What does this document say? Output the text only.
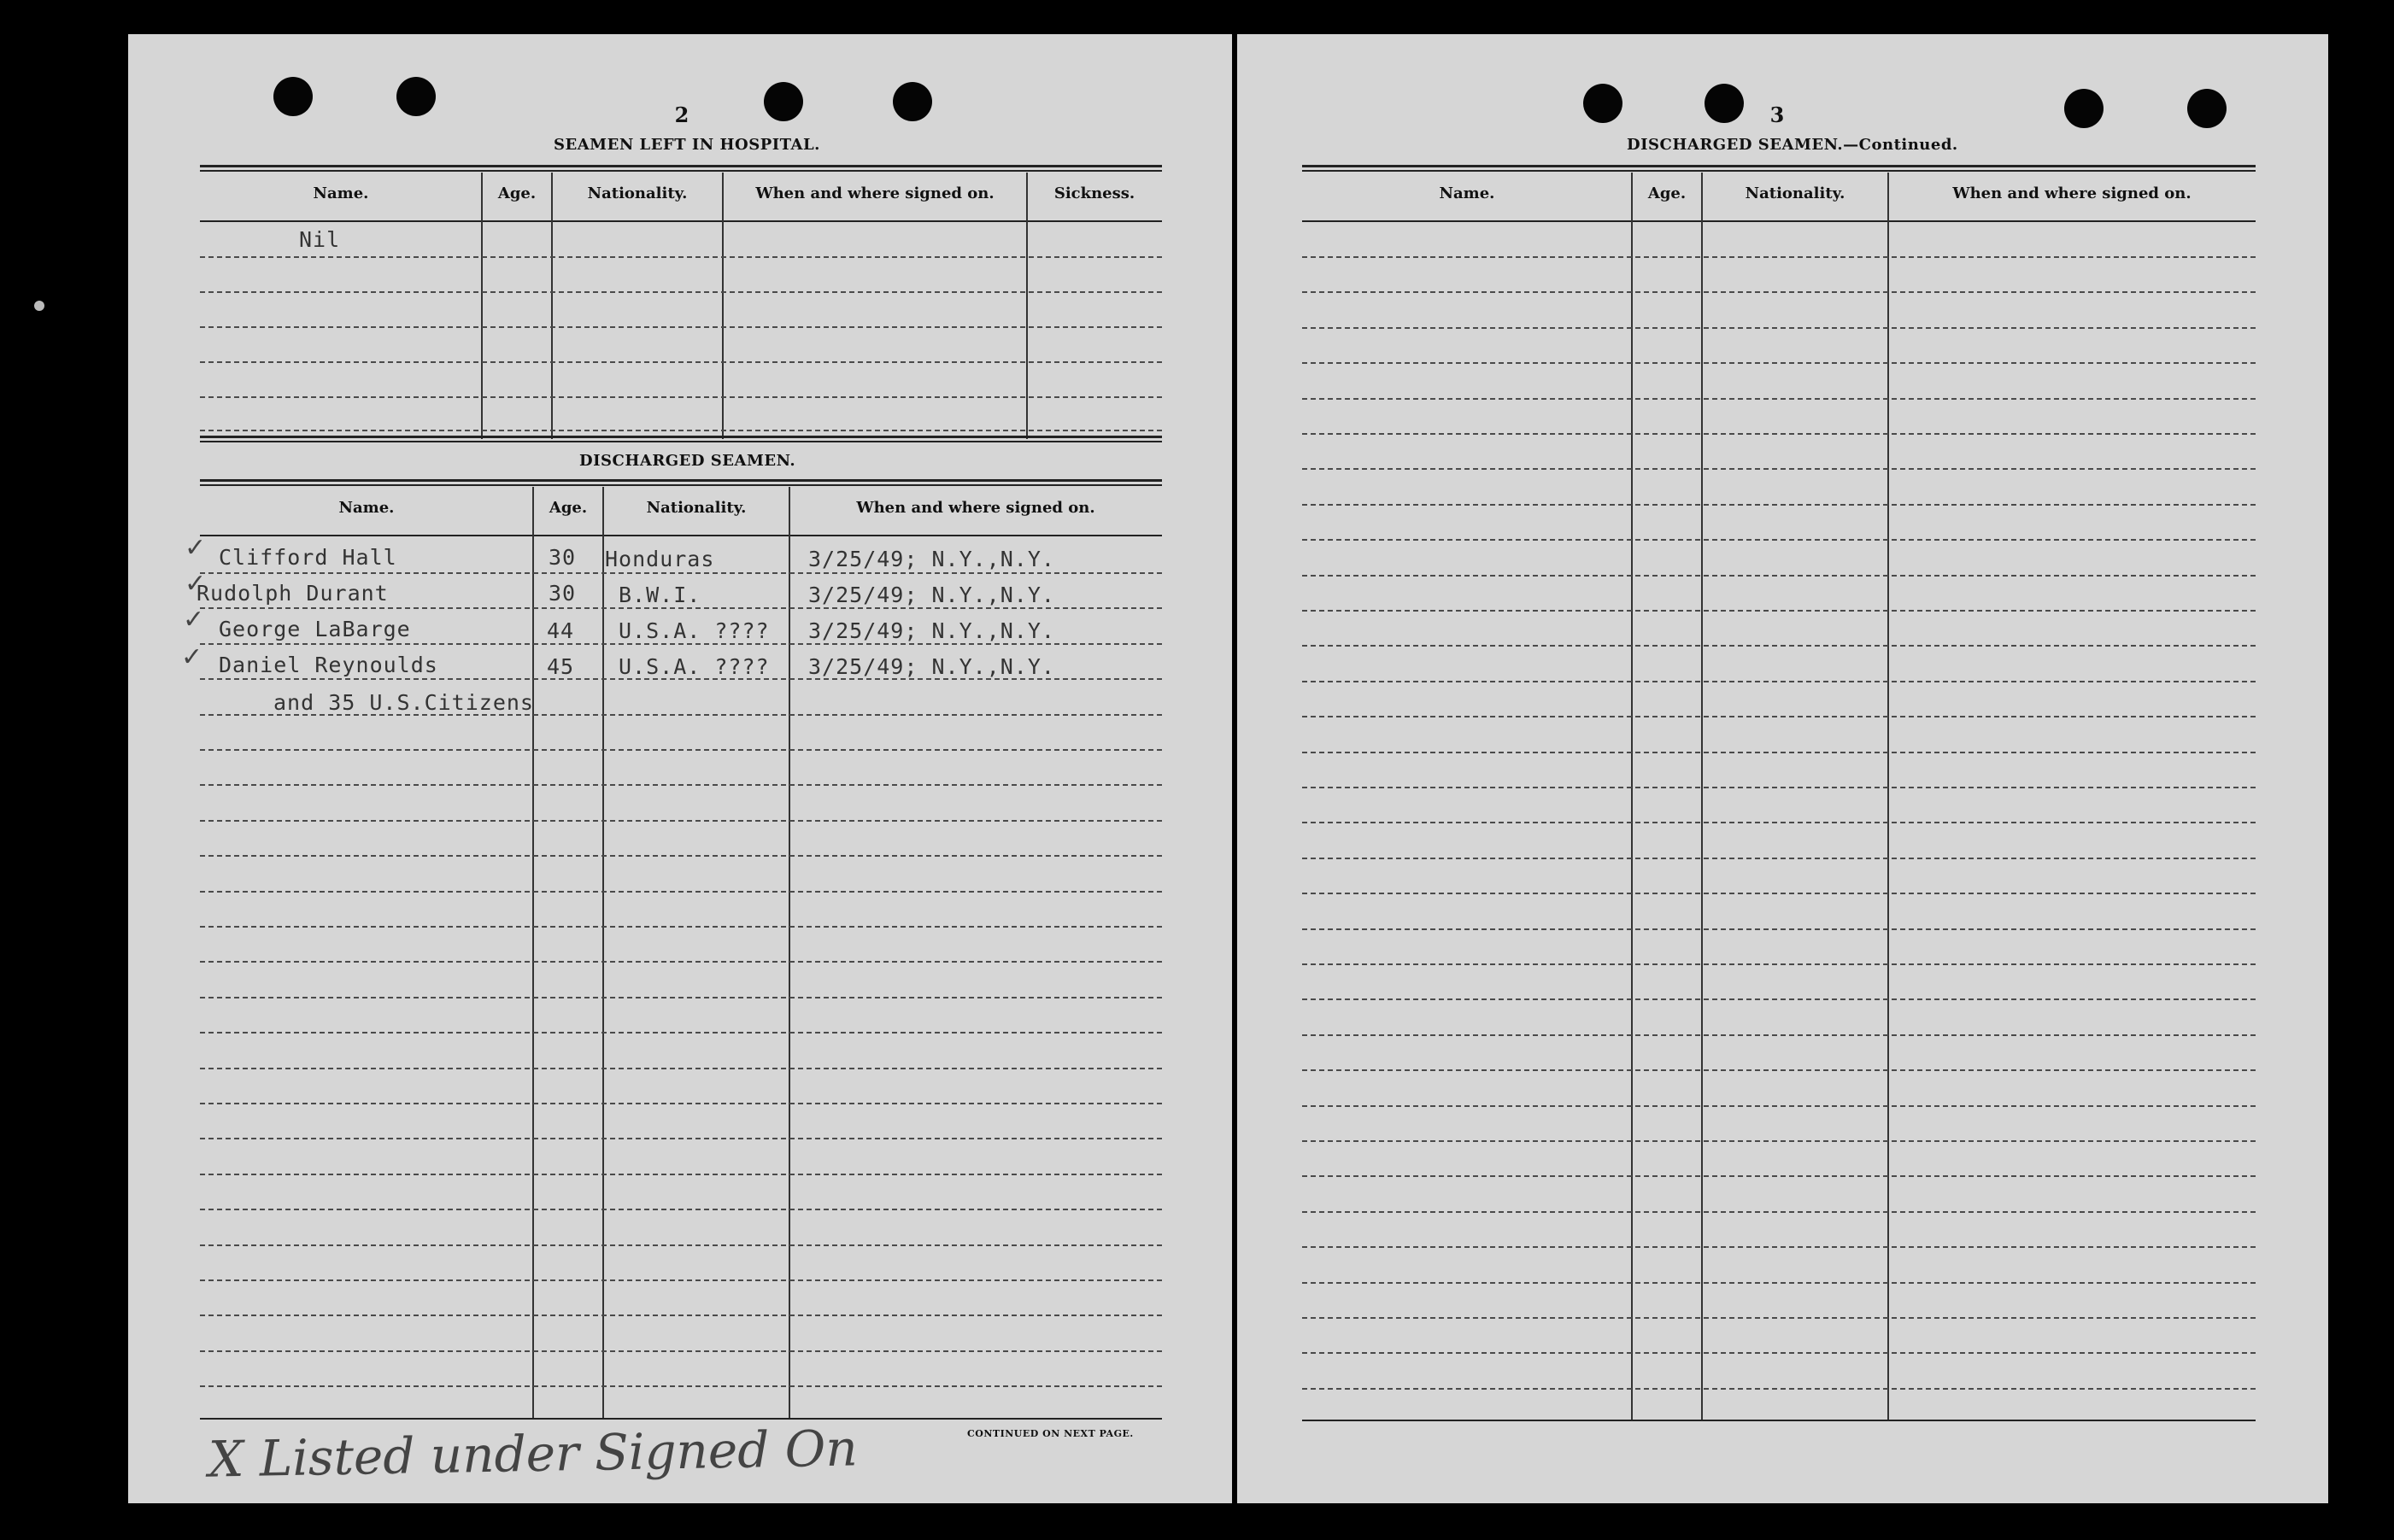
2
SEAMEN LEFT IN HOSPITAL.
Name.	Age.	Nationality.	When and where signed on.	Sickness.
Nil
DISCHARGED SEAMEN.
Name.	Age.	Nationality.	When and where signed on.
✓
✓
✓
✓
Clifford Hall	30 Honduras	3/25/49; N.Y.,N.Y.
Rudolph Durant	30 B.W.I.	3/25/49; N.Y.,N.Y.
George LaBarge	44 U.S.A. ???? 3/25/49; N.Y.,N.Y.
Daniel Reynoulds	45 U.S.A. ???? 3/25/49; N.Y.,N.Y.
and 35 U.S.Citizens
CONTINUED ON NEXT PAGE.
X Listed under Signed On
3
DISCHARGED SEAMEN.—Continued.
Name.	Age.	Nationality.	When and where signed on.
